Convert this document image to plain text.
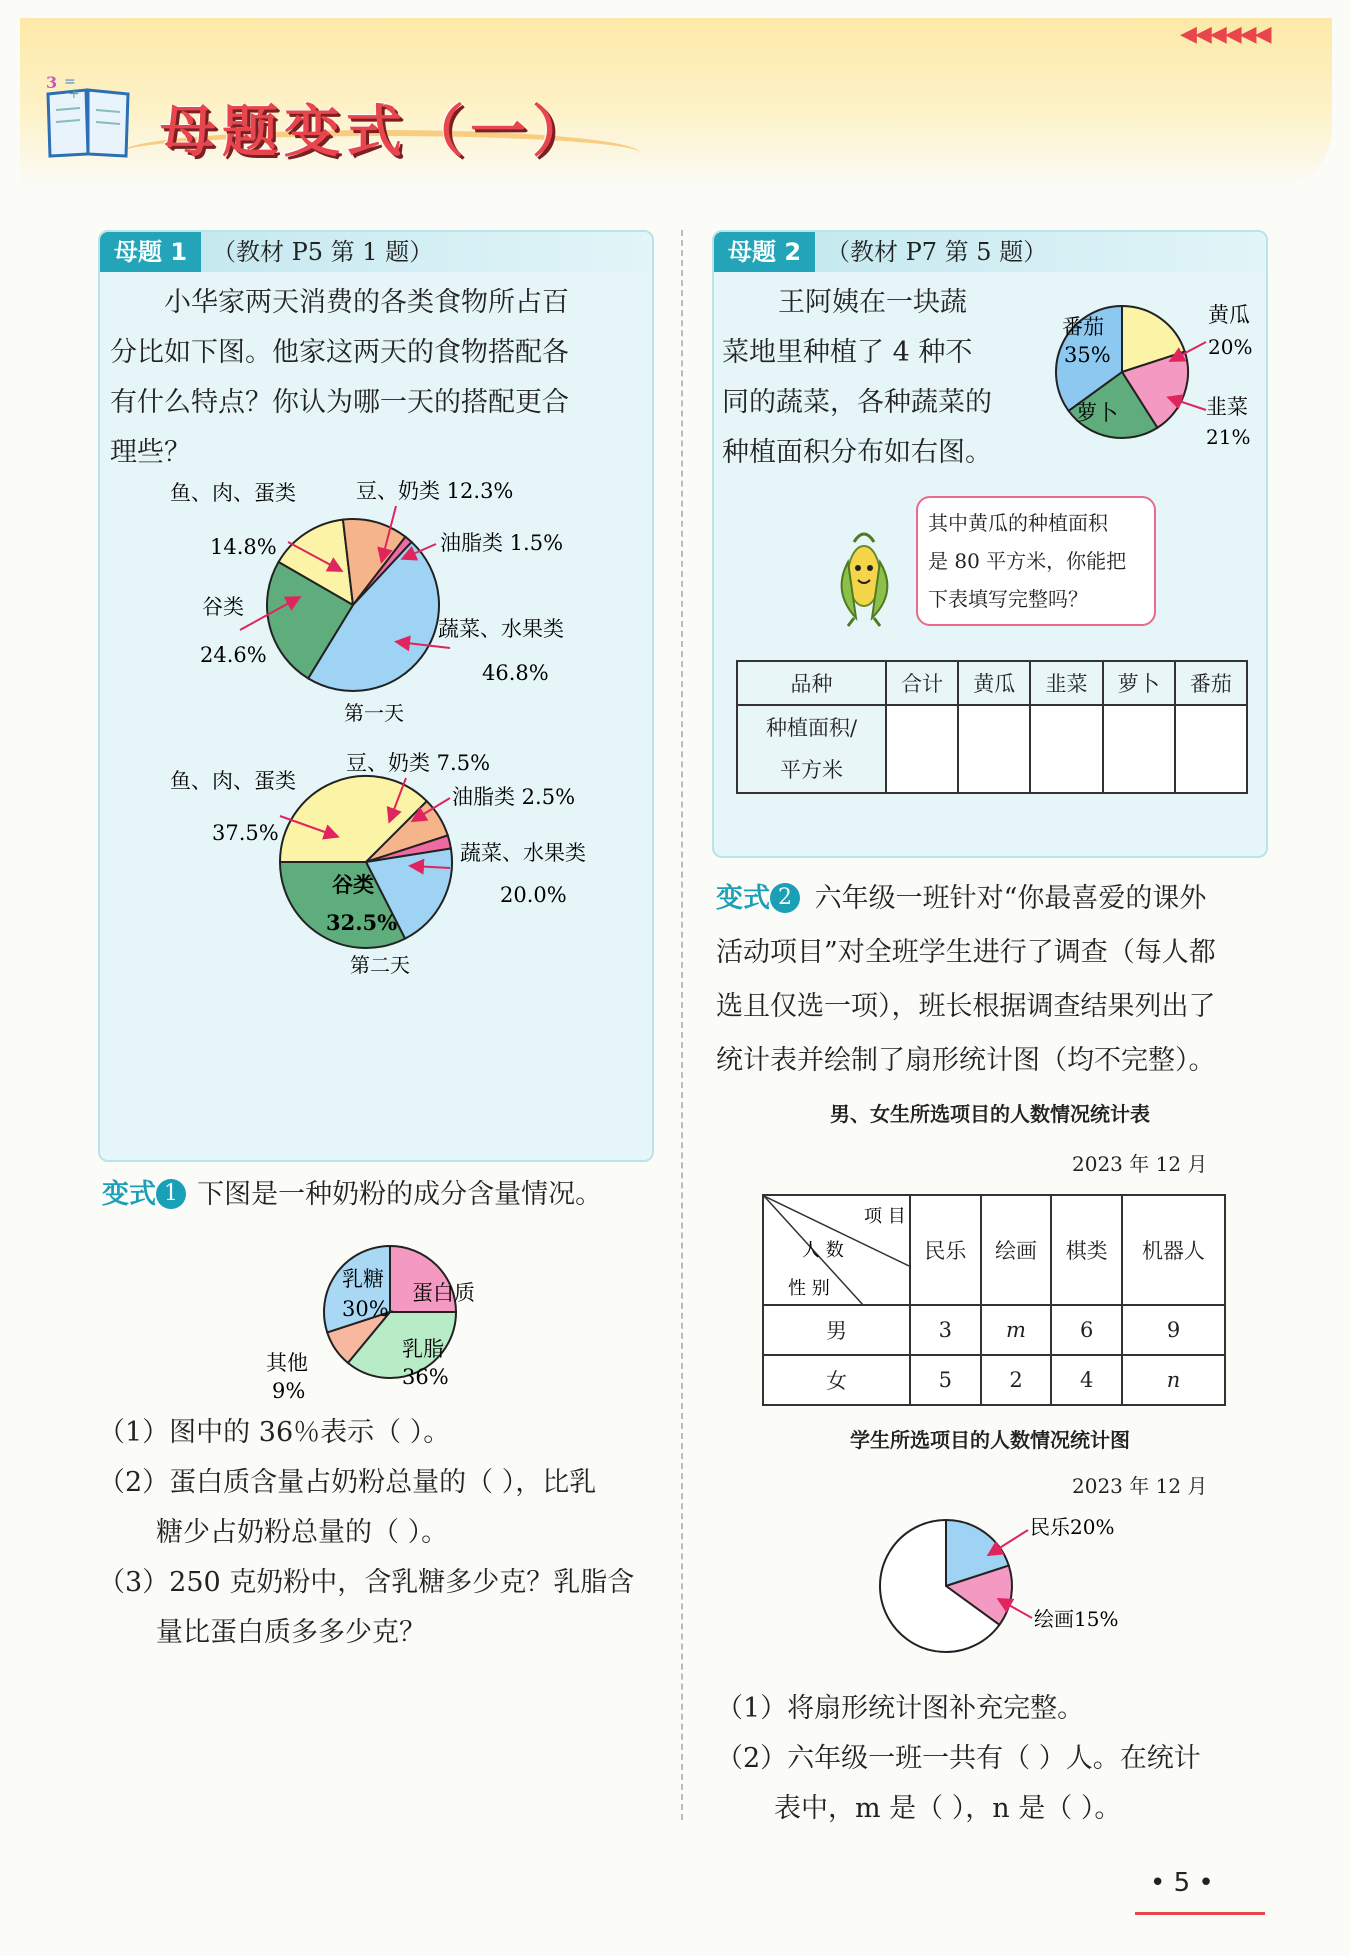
◀◀◀◀◀◀
3 =
+
母题变式（一）
母题 1	（教材 P5 第 1 题）
小华家两天消费的各类食物所占百
分比如下图。他家这两天的食物搭配各
有什么特点？你认为哪一天的搭配更合
理些？
鱼、肉、蛋类
14.8%
豆、奶类 12.3%
油脂类 1.5%
谷类
24.6%
蔬菜、水果类
46.8%
第一天
鱼、肉、蛋类
37.5%
豆、奶类 7.5%
油脂类 2.5%
蔬菜、水果类
20.0%
谷类
32.5%
第二天
变式 1 下图是一种奶粉的成分含量情况。
乳糖
30%
蛋白质
乳脂
36%
其他
9%
（1）图中的 36％表示（ ）。
（2）蛋白质含量占奶粉总量的（ ），比乳
糖少占奶粉总量的（ ）。
（3）250 克奶粉中，含乳糖多少克？乳脂含
量比蛋白质多多少克？
母题 2	（教材 P7 第 5 题）
王阿姨在一块蔬
菜地里种植了 4 种不
同的蔬菜，各种蔬菜的
种植面积分布如右图。
番茄
35%
萝卜
黄瓜
20%
韭菜
21%
其中黄瓜的种植面积
是 80 平方米，你能把
下表填写完整吗？
品种	合计	黄瓜	韭菜	萝卜	番茄

种植面积/
平方米					

变式 2 六年级一班针对“你最喜爱的课外
活动项目”对全班学生进行了调查（每人都
选且仅选一项），班长根据调查结果列出了
统计表并绘制了扇形统计图（均不完整）。
男、女生所选项目的人数情况统计表
2023 年 12 月
项 目
人 数
性 别	民乐	绘画	棋类	机器人
男	3	m	6	9
女	5	2	4	n
学生所选项目的人数情况统计图
2023 年 12 月
民乐20%
绘画15%
（1）将扇形统计图补充完整。
（2）六年级一班一共有（ ）人。在统计
表中，m 是（ ），n 是（ ）。
• 5 •
